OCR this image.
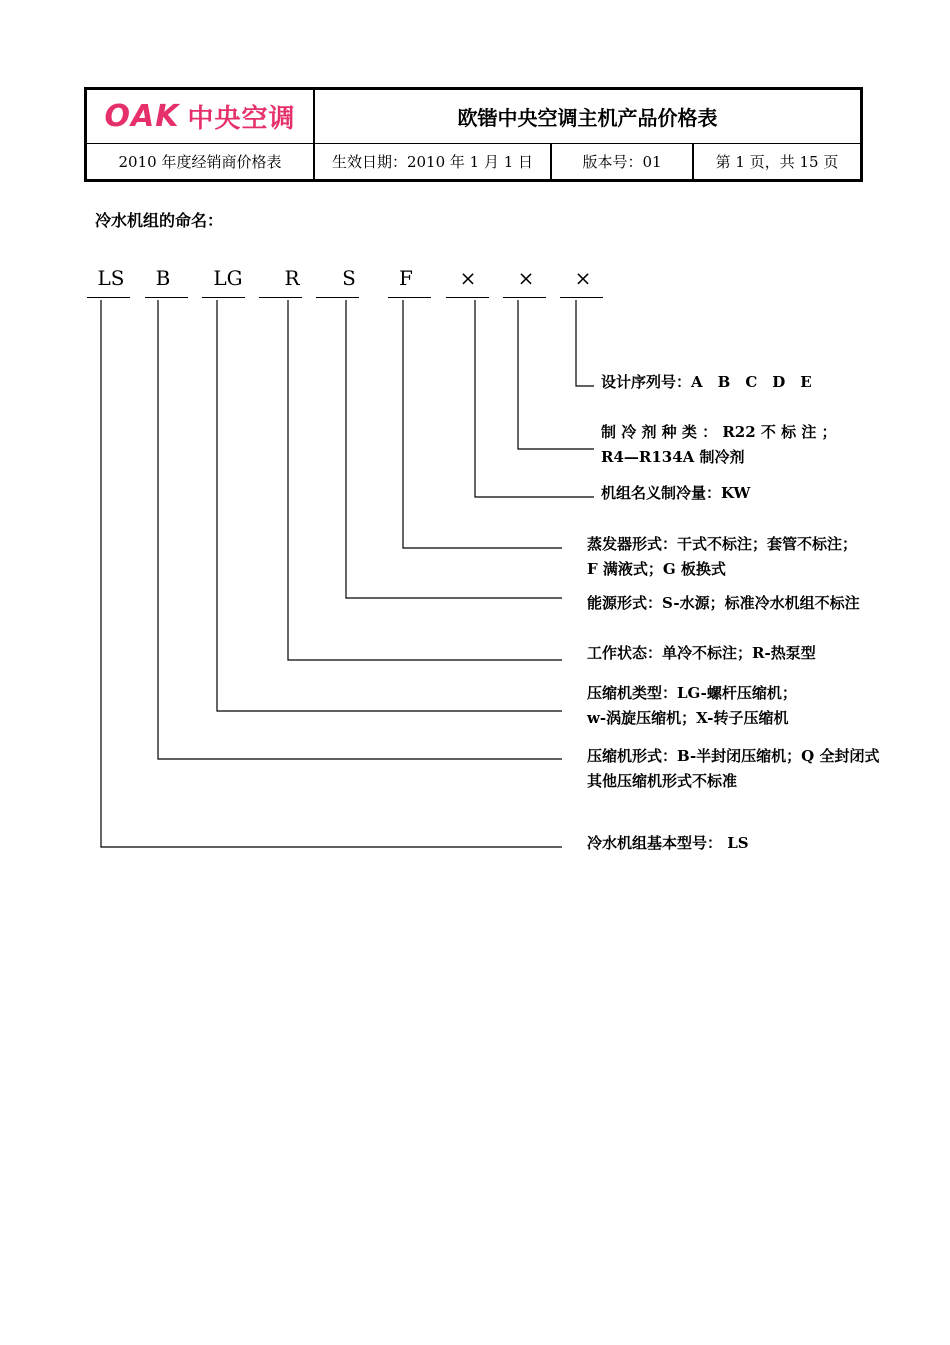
OAK 中央空调	欧锴中央空调主机产品价格表
2010 年度经销商价格表	生效日期：2010 年 1 月 1 日	版本号：01	第 1 页，共 15 页
冷水机组的命名：
LS	B	LG	R	S	F	×	×	×
设计序列号：A　B　C　D　E
制 冷 剂 种 类 ： R22 不 标 注 ；
R4—R134A 制冷剂
机组名义制冷量：KW
蒸发器形式：干式不标注；套管不标注；
F 满液式；G 板换式
能源形式：S-水源；标准冷水机组不标注
工作状态：单冷不标注；R-热泵型
压缩机类型：LG-螺杆压缩机；
w-涡旋压缩机；X-转子压缩机
压缩机形式：B-半封闭压缩机；Q 全封闭式
其他压缩机形式不标准
冷水机组基本型号： LS
